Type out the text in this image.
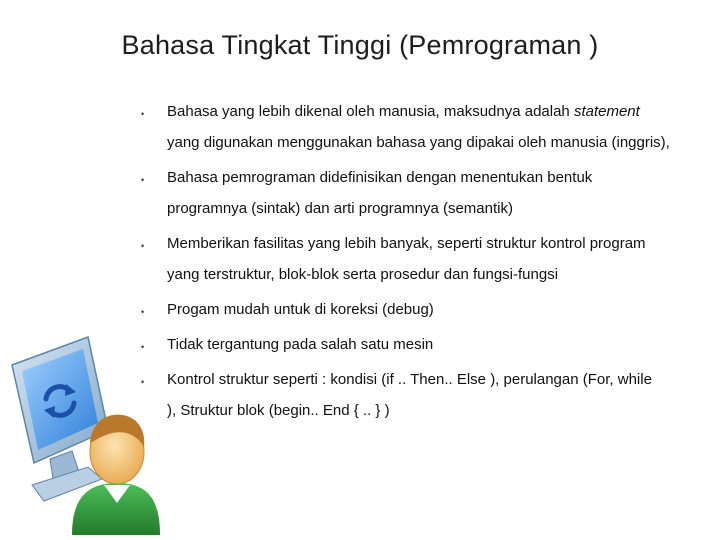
Bahasa Tingkat Tinggi (Pemrograman )
• Bahasa yang lebih dikenal oleh manusia, maksudnya adalah statement
yang digunakan menggunakan bahasa yang dipakai oleh manusia (inggris),
• Bahasa pemrograman didefinisikan dengan menentukan bentuk
programnya (sintak) dan arti programnya (semantik)
• Memberikan fasilitas yang lebih banyak, seperti struktur kontrol program
yang terstruktur, blok-blok serta prosedur dan fungsi-fungsi
• Progam mudah untuk di koreksi (debug)
• Tidak tergantung pada salah satu mesin
• Kontrol struktur seperti : kondisi (if .. Then.. Else ), perulangan (For, while
), Struktur blok (begin.. End { .. } )
